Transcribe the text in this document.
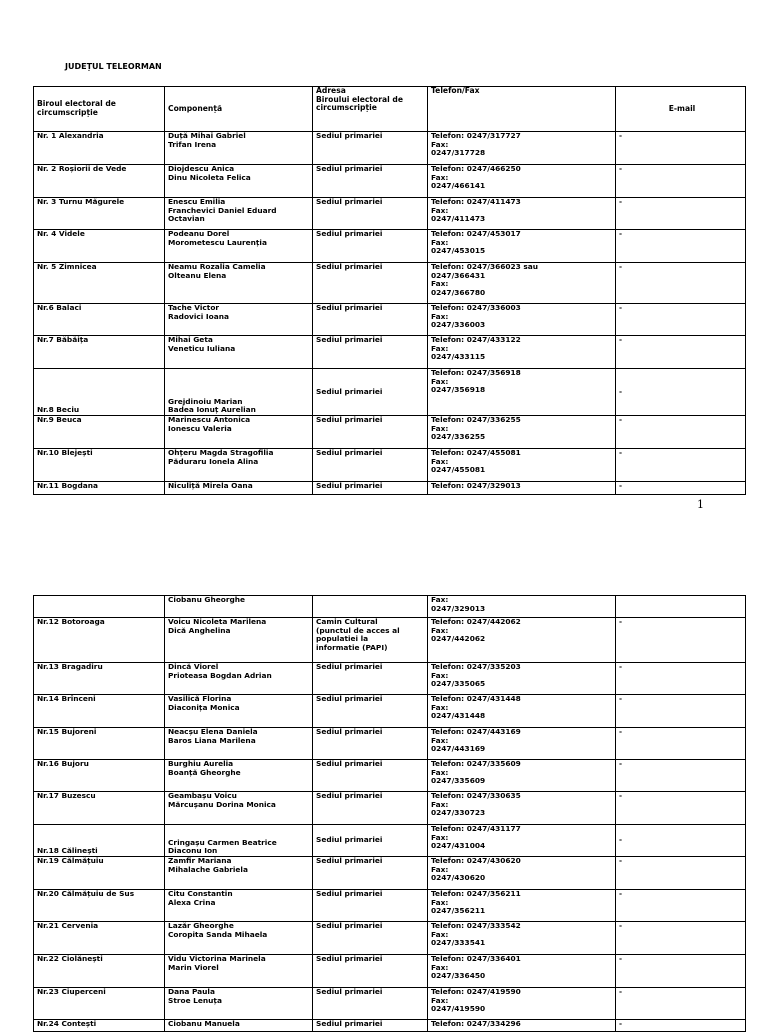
JUDEȚUL TELEORMAN
Biroul electoral de
circumscripție	Componență	Adresa
Biroului electoral de
circumscripție	Telefon/Fax	E-mail

Nr. 1 Alexandria	Duță Mihai Gabriel
Trifan Irena	Sediul primariei	Telefon: 0247/317727
Fax:
0247/317728	-

Nr. 2 Roșiorii de Vede	Diojdescu Anica
Dinu Nicoleta Felica	Sediul primariei	Telefon: 0247/466250
Fax:
0247/466141	-

Nr. 3 Turnu Măgurele	Enescu Emilia
Franchevici Daniel Eduard
Octavian	Sediul primariei	Telefon: 0247/411473
Fax:
0247/411473	-

Nr. 4 Videle	Podeanu Dorel
Morometescu Laurenția	Sediul primariei	Telefon: 0247/453017
Fax:
0247/453015	-

Nr. 5 Zimnicea	Neamu Rozalia Camelia
Olteanu Elena	Sediul primariei	Telefon: 0247/366023 sau
0247/366431
Fax:
0247/366780	-

Nr.6 Balaci	Tache Victor
Radovici Ioana	Sediul primariei	Telefon: 0247/336003
Fax:
0247/336003	-

Nr.7 Băbăița	Mihai Geta
Veneticu Iuliana	Sediul primariei	Telefon: 0247/433122
Fax:
0247/433115	-

Nr.8 Beciu	Grejdinoiu Marian
Badea Ionuț Aurelian	Sediul primariei	Telefon: 0247/356918
Fax:
0247/356918	-

Nr.9 Beuca	Marinescu Antonica
Ionescu Valeria	Sediul primariei	Telefon: 0247/336255
Fax:
0247/336255	-

Nr.10 Blejești	Ohțeru Magda Stragofilia
Păduraru Ionela Alina	Sediul primariei	Telefon: 0247/455081
Fax:
0247/455081	-

Nr.11 Bogdana	Niculiță Mirela Oana	Sediul primariei	Telefon: 0247/329013	-
1

	Ciobanu Gheorghe		Fax:
0247/329013	

Nr.12 Botoroaga	Voicu Nicoleta Marilena
Dică Anghelina	Camin Cultural
(punctul de acces al
populatiei la
informatie (PAPI)	Telefon: 0247/442062
Fax:
0247/442062	-

Nr.13 Bragadiru	Dincă Viorel
Prioteasa Bogdan Adrian	Sediul primariei	Telefon: 0247/335203
Fax:
0247/335065	-

Nr.14 Brînceni	Vasilică Florina
Diaconița Monica	Sediul primariei	Telefon: 0247/431448
Fax:
0247/431448	-

Nr.15 Bujoreni	Neacșu Elena Daniela
Baros Liana Marilena	Sediul primariei	Telefon: 0247/443169
Fax:
0247/443169	-

Nr.16 Bujoru	Burghiu Aurelia
Boanță Gheorghe	Sediul primariei	Telefon: 0247/335609
Fax:
0247/335609	-

Nr.17 Buzescu	Geambașu Voicu
Mărcușanu Dorina Monica	Sediul primariei	Telefon: 0247/330635
Fax:
0247/330723	-

Nr.18 Călinești	Cringașu Carmen Beatrice
Diaconu Ion	Sediul primariei	Telefon: 0247/431177
Fax:
0247/431004	-

Nr.19 Călmățuiu	Zamfir Mariana
Mihalache Gabriela	Sediul primariei	Telefon: 0247/430620
Fax:
0247/430620	-

Nr.20 Călmățuiu de Sus	Citu Constantin
Alexa Crina	Sediul primariei	Telefon: 0247/356211
Fax:
0247/356211	-

Nr.21 Cervenia	Lazăr Gheorghe
Coropita Sanda Mihaela	Sediul primariei	Telefon: 0247/333542
Fax:
0247/333541	-

Nr.22 Ciolănești	Vidu Victorina Marinela
Marin Viorel	Sediul primariei	Telefon: 0247/336401
Fax:
0247/336450	-

Nr.23 Ciuperceni	Dana Paula
Stroe Lenuța	Sediul primariei	Telefon: 0247/419590
Fax:
0247/419590	-

Nr.24 Contești	Ciobanu Manuela	Sediul primariei	Telefon: 0247/334296	-
